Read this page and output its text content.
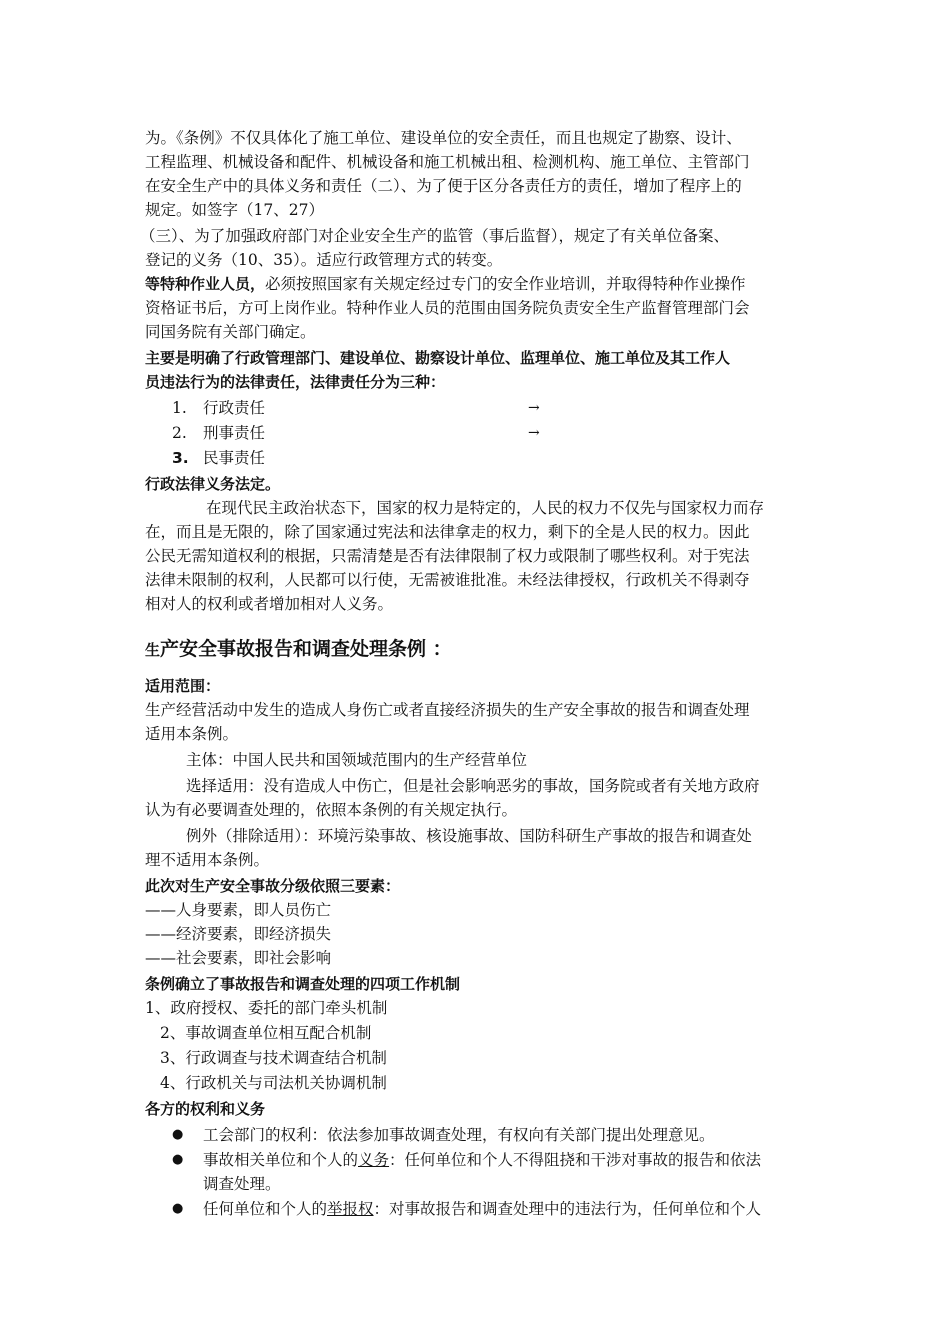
为。《条例》不仅具体化了施工单位、建设单位的安全责任，而且也规定了勘察、设计、
工程监理、机械设备和配件、机械设备和施工机械出租、检测机构、施工单位、主管部门
在安全生产中的具体义务和责任（二）、为了便于区分各责任方的责任，增加了程序上的
规定。如签字（17、27）
（三）、为了加强政府部门对企业安全生产的监管（事后监督），规定了有关单位备案、
登记的义务（10、35）。适应行政管理方式的转变。
等特种作业人员，必须按照国家有关规定经过专门的安全作业培训，并取得特种作业操作
资格证书后，方可上岗作业。特种作业人员的范围由国务院负责安全生产监督管理部门会
同国务院有关部门确定。
主要是明确了行政管理部门、建设单位、勘察设计单位、监理单位、施工单位及其工作人
员违法行为的法律责任，法律责任分为三种：
1. 行政责任	→
2. 刑事责任	→
3. 民事责任
行政法律义务法定。
在现代民主政治状态下，国家的权力是特定的，人民的权力不仅先与国家权力而存
在，而且是无限的，除了国家通过宪法和法律拿走的权力，剩下的全是人民的权力。因此
公民无需知道权利的根据，只需清楚是否有法律限制了权力或限制了哪些权利。对于宪法
法律未限制的权利，人民都可以行使，无需被谁批准。未经法律授权，行政机关不得剥夺
相对人的权利或者增加相对人义务。
生产安全事故报告和调查处理条例 ：
适用范围：
生产经营活动中发生的造成人身伤亡或者直接经济损失的生产安全事故的报告和调查处理
适用本条例。
主体：中国人民共和国领域范围内的生产经营单位
选择适用：没有造成人中伤亡，但是社会影响恶劣的事故，国务院或者有关地方政府
认为有必要调查处理的，依照本条例的有关规定执行。
例外（排除适用）：环境污染事故、核设施事故、国防科研生产事故的报告和调查处
理不适用本条例。
此次对生产安全事故分级依照三要素：
——人身要素，即人员伤亡
——经济要素，即经济损失
——社会要素，即社会影响
条例确立了事故报告和调查处理的四项工作机制
1、政府授权、委托的部门牵头机制
2、事故调查单位相互配合机制
3、行政调查与技术调查结合机制
4、行政机关与司法机关协调机制
各方的权利和义务
● 工会部门的权利：依法参加事故调查处理，有权向有关部门提出处理意见。
● 事故相关单位和个人的义务：任何单位和个人不得阻挠和干涉对事故的报告和依法
调查处理。
● 任何单位和个人的举报权：对事故报告和调查处理中的违法行为，任何单位和个人
